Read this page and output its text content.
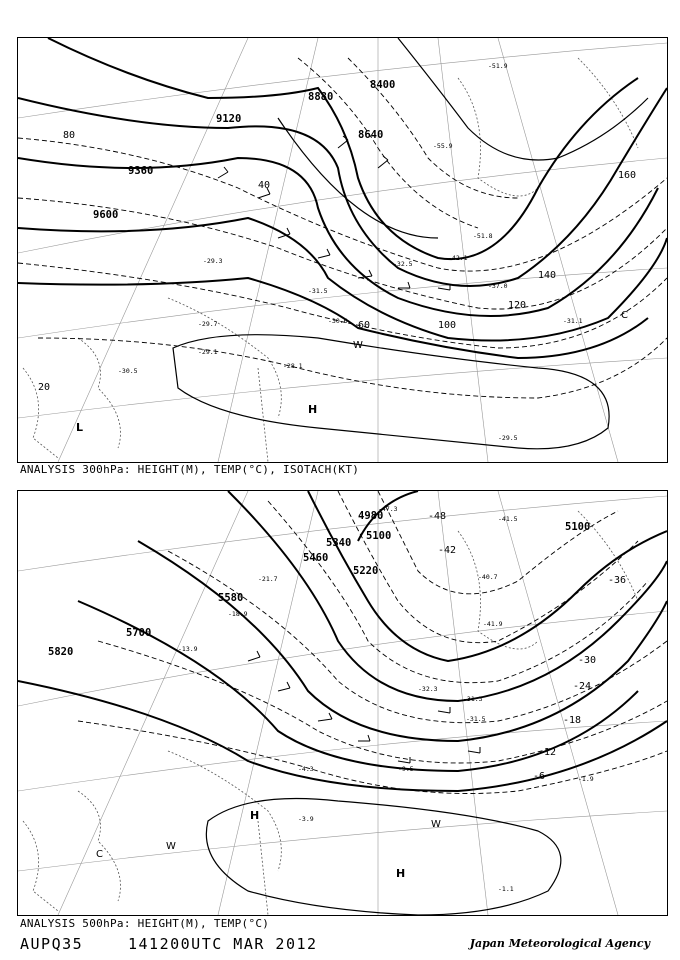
8400
8640
8880
9120
9360
9600
20
40
60
80
100
120
140
160
-51.9
-55.9
-51.8
-42.1
-37.0
-31.5
-30.6
-29.3
-29.7
-29.1
-30.5
-29.5
-31.1
-28.1
-32.5
H
L
W
C
ANALYSIS 300hPa: HEIGHT(M), TEMP(°C), ISOTACH(KT)
4980
5100
5220
5340
5460
5580
5700
5820
5100
-48
-42
-36
-30
-24
-18
-12
-6
-47.3
-41.5
-40.7
-41.9
-32.3
-31.3
-31.5
-21.7
-18.9
-13.9
-9.5
-4.3
-3.9
-1.1
-1.9
H
H
C
W
W
ANALYSIS 500hPa: HEIGHT(M), TEMP(°C)
AUPQ35	141200UTC MAR 2012	Japan Meteorological Agency
